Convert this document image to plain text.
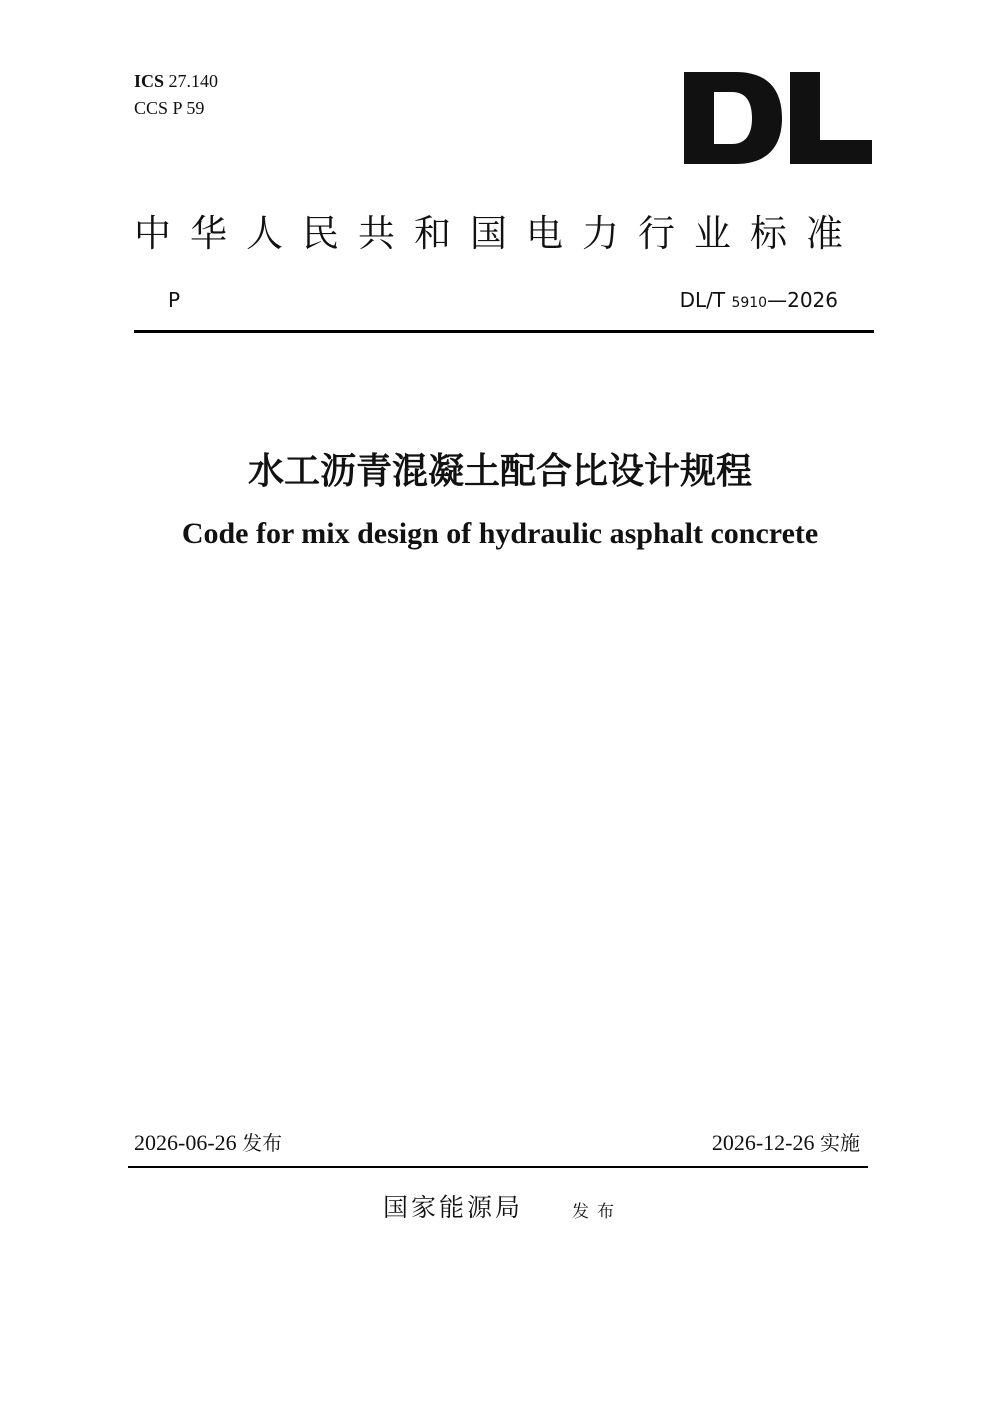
ICS 27.140
CCS P 59
中华人民共和国电力行业标准
P	DL/T 5910—2026
水工沥青混凝土配合比设计规程
Code for mix design of hydraulic asphalt concrete
2026-06-26 发布	2026-12-26 实施
国家能源局	发布
